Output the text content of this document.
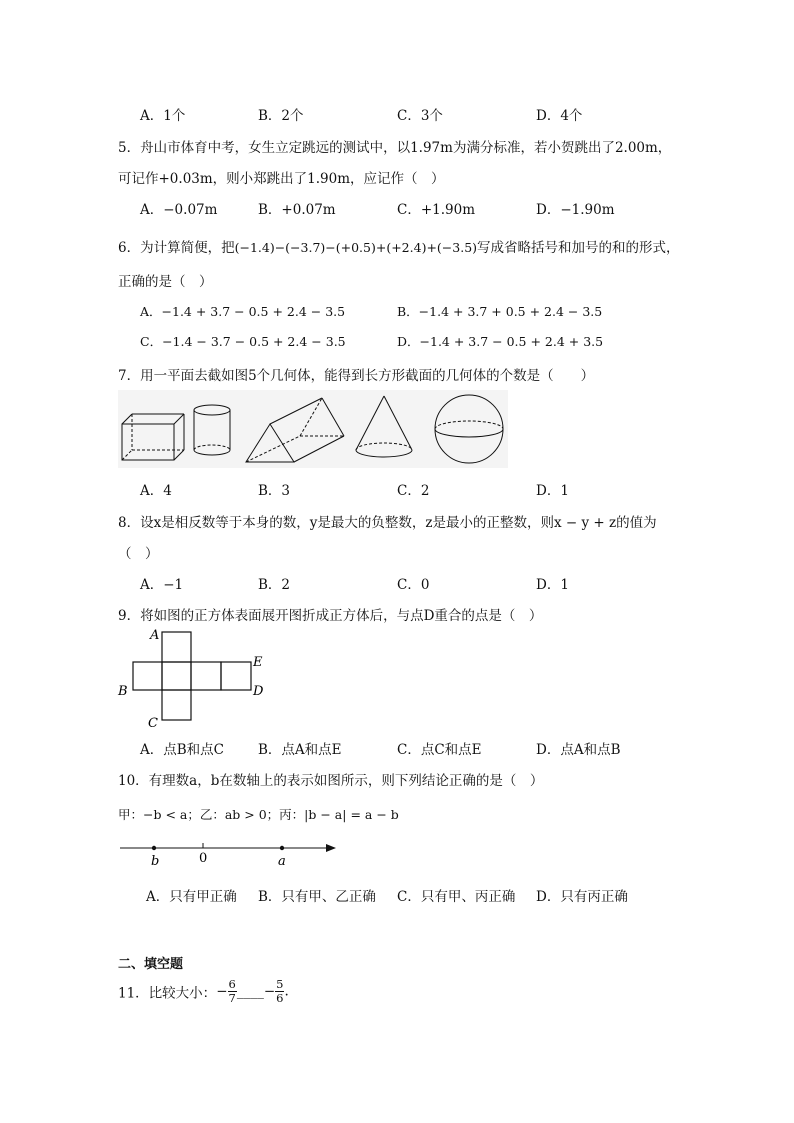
A．1个	B．2个	C．3个	D．4个
5．舟山市体育中考，女生立定跳远的测试中，以1.97m为满分标准，若小贺跳出了2.00m，
可记作+0.03m，则小郑跳出了1.90m，应记作（　）
A．−0.07m	B．+0.07m	C．+1.90m	D．−1.90m
6．为计算简便，把(−1.4)−(−3.7)−(+0.5)+(+2.4)+(−3.5)写成省略括号和加号的和的形式，
正确的是（　）
A．−1.4 + 3.7 − 0.5 + 2.4 − 3.5	B．−1.4 + 3.7 + 0.5 + 2.4 − 3.5
C．−1.4 − 3.7 − 0.5 + 2.4 − 3.5	D．−1.4 + 3.7 − 0.5 + 2.4 + 3.5
7．用一平面去截如图5个几何体，能得到长方形截面的几何体的个数是（　　）
A．4	B．3	C．2	D．1
8．设x是相反数等于本身的数，y是最大的负整数，z是最小的正整数，则x − y + z的值为
（　）
A．−1	B．2	C．0	D．1
9．将如图的正方体表面展开图折成正方体后，与点D重合的点是（　）
A
B
C
D
E
A．点B和点C	B．点A和点E	C．点C和点E	D．点A和点B
10．有理数a，b在数轴上的表示如图所示，则下列结论正确的是（　）
甲：−b < a；乙：ab > 0；丙：|b − a| = a − b
b	0	a
A．只有甲正确 B．只有甲、乙正确 C．只有甲、丙正确 D．只有丙正确
二、填空题
11．比较大小：− $\frac{6}{7}$ ____− $\frac{5}{6}$ .
